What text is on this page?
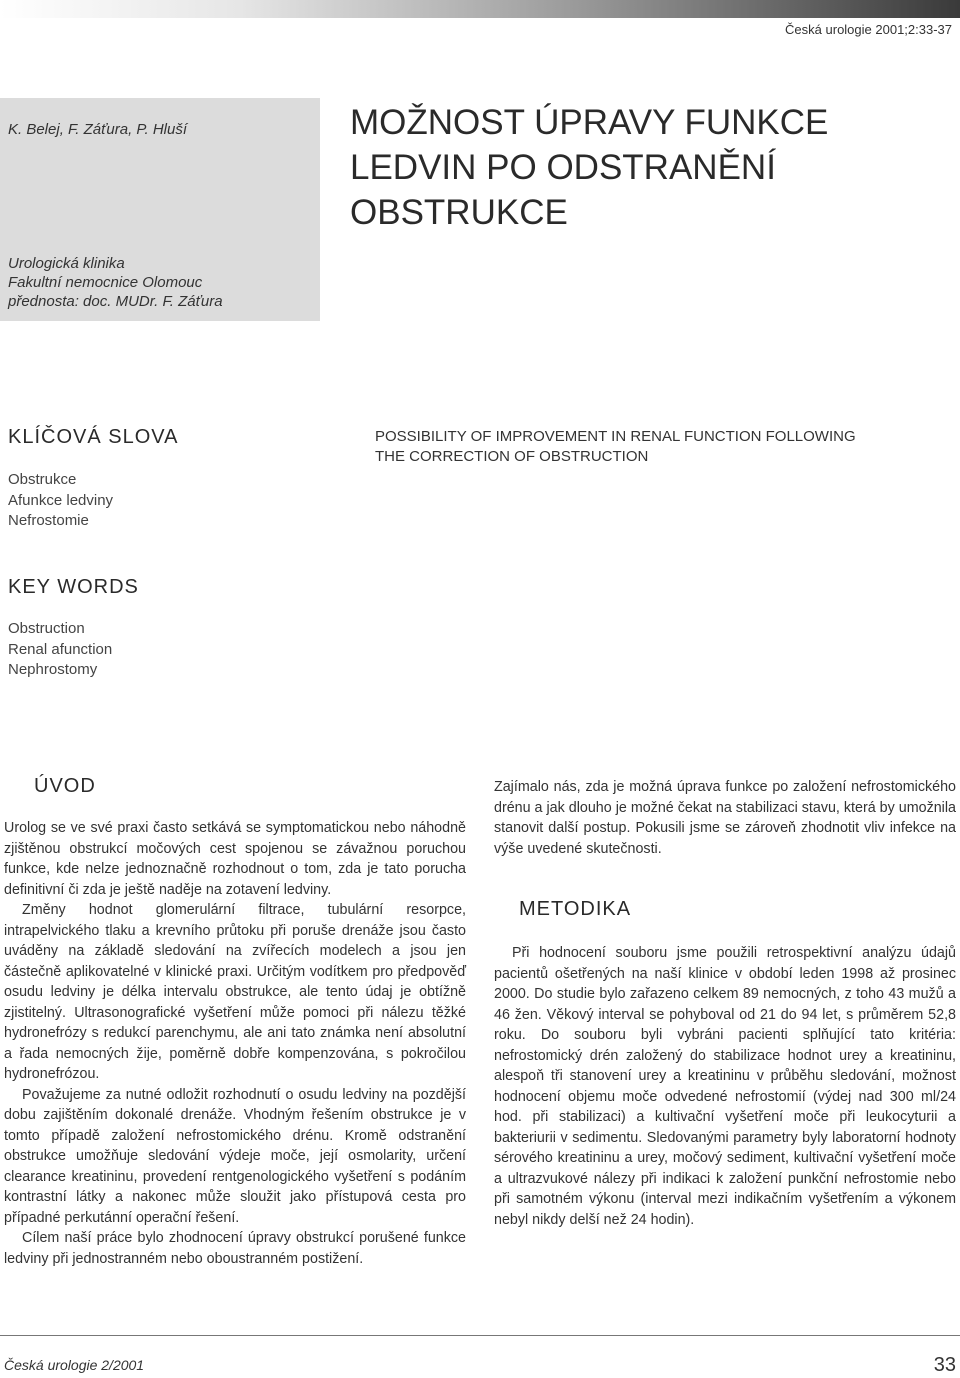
Česká urologie 2001;2:33-37
K. Belej, F. Záťura, P. Hluší
Urologická klinika
Fakultní nemocnice Olomouc
přednosta: doc. MUDr. F. Záťura
MOŽNOST ÚPRAVY FUNKCE
LEDVIN PO ODSTRANĚNÍ
OBSTRUKCE
KLÍČOVÁ SLOVA
Obstrukce
Afunkce ledviny
Nefrostomie
POSSIBILITY OF IMPROVEMENT IN RENAL FUNCTION FOLLOWING
THE CORRECTION OF OBSTRUCTION
KEY WORDS
Obstruction
Renal afunction
Nephrostomy
ÚVOD

Urolog se ve své praxi často setkává se symptomatickou nebo náhodně zjištěnou obstrukcí močových cest spojenou se závažnou poruchou funkce, kde nelze jednoznačně rozhodnout o tom, zda je tato porucha definitivní či zda je ještě naděje na zotavení ledviny.

Změny hodnot glomerulární filtrace, tubulární resorpce, intrapelvického tlaku a krevního průtoku při poruše drenáže jsou často uváděny na základě sledování na zvířecích modelech a jsou jen částečně aplikovatelné v klinické praxi. Určitým vodítkem pro předpověď osudu ledviny je délka intervalu obstrukce, ale tento údaj je obtížně zjistitelný. Ultrasonografické vyšetření může pomoci při nálezu těžké hydronefrózy s redukcí parenchymu, ale ani tato známka není absolutní a řada nemocných žije, poměrně dobře kompenzována, s pokročilou hydronefrózou.

Považujeme za nutné odložit rozhodnutí o osudu ledviny na pozdější dobu zajištěním dokonalé drenáže. Vhodným řešením obstrukce je v tomto případě založení nefrostomického drénu. Kromě odstranění obstrukce umožňuje sledování výdeje moče, její osmolarity, určení clearance kreatininu, provedení rentgenologického vyšetření s podáním kontrastní látky a nakonec může sloužit jako přístupová cesta pro případné perkutánní operační řešení.

Cílem naší práce bylo zhodnocení úpravy obstrukcí porušené funkce ledviny při jednostranném nebo oboustranném postižení.

Zajímalo nás, zda je možná úprava funkce po založení nefrostomického drénu a jak dlouho je možné čekat na stabilizaci stavu, která by umožnila stanovit další postup. Pokusili jsme se zároveň zhodnotit vliv infekce na výše uvedené skutečnosti.

METODIKA

Při hodnocení souboru jsme použili retrospektivní analýzu údajů pacientů ošetřených na naší klinice v období leden 1998 až prosinec 2000. Do studie bylo zařazeno celkem 89 nemocných, z toho 43 mužů a 46 žen. Věkový interval se pohyboval od 21 do 94 let, s průměrem 52,8 roku. Do souboru byli vybráni pacienti splňující tato kritéria: nefrostomický drén založený do stabilizace hodnot urey a kreatininu, alespoň tři stanovení urey a kreatininu v průběhu sledování, možnost hodnocení objemu moče odvedené nefrostomií (výdej nad 300 ml/24 hod. při stabilizaci) a kultivační vyšetření moče při leukocyturii a bakteriurii v sedimentu. Sledovanými parametry byly laboratorní hodnoty sérového kreatininu a urey, močový sediment, kultivační vyšetření moče a ultrazvukové nálezy při indikaci k založení punkční nefrostomie nebo při samotném výkonu (interval mezi indikačním vyšetřením a výkonem nebyl nikdy delší než 24 hodin).

Česká urologie 2/2001	33
